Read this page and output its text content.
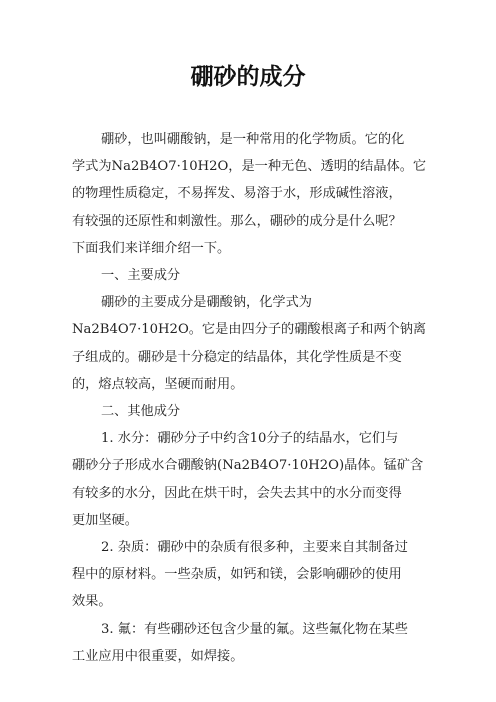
硼砂的成分
硼砂，也叫硼酸钠，是一种常用的化学物质。它的化
学式为Na2B4O7·10H2O，是一种无色、透明的结晶体。它
的物理性质稳定，不易挥发、易溶于水，形成碱性溶液，
有较强的还原性和刺激性。那么，硼砂的成分是什么呢？
下面我们来详细介绍一下。
一、主要成分
硼砂的主要成分是硼酸钠，化学式为
Na2B4O7·10H2O。它是由四分子的硼酸根离子和两个钠离
子组成的。硼砂是十分稳定的结晶体，其化学性质是不变
的，熔点较高，坚硬而耐用。
二、其他成分
1. 水分：硼砂分子中约含10分子的结晶水，它们与
硼砂分子形成水合硼酸钠(Na2B4O7·10H2O)晶体。锰矿含
有较多的水分，因此在烘干时，会失去其中的水分而变得
更加坚硬。
2. 杂质：硼砂中的杂质有很多种，主要来自其制备过
程中的原材料。一些杂质，如钙和镁，会影响硼砂的使用
效果。
3. 氟：有些硼砂还包含少量的氟。这些氟化物在某些
工业应用中很重要，如焊接。
